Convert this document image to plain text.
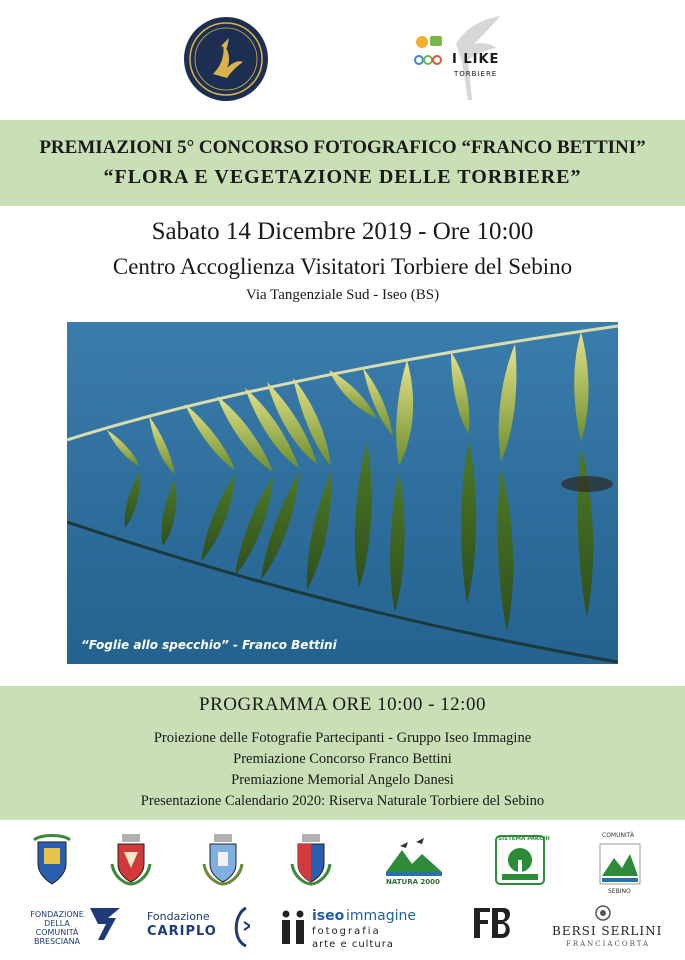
I LIKE
TORBIERE
PREMIAZIONI 5° CONCORSO FOTOGRAFICO “FRANCO BETTINI”
“FLORA E VEGETAZIONE DELLE TORBIERE”
Sabato 14 Dicembre 2019 - Ore 10:00
Centro Accoglienza Visitatori Torbiere del Sebino
Via Tangenziale Sud - Iseo (BS)
“Foglie allo specchio” - Franco Bettini
PROGRAMMA ORE 10:00 - 12:00
Proiezione delle Fotografie Partecipanti - Gruppo Iseo Immagine
Premiazione Concorso Franco Bettini
Premiazione Memorial Angelo Danesi
Presentazione Calendario 2020: Riserva Naturale Torbiere del Sebino
NATURA 2000
SISTEMA PARCHI	COMUNITÀ
SEBINO
FONDAZIONE DELLA COMUNITÀ BRESCIANA
Fondazione
CARIPLO
iseo immagine
fotografia
arte e cultura
BERSI SERLINI
FRANCIACORTA
